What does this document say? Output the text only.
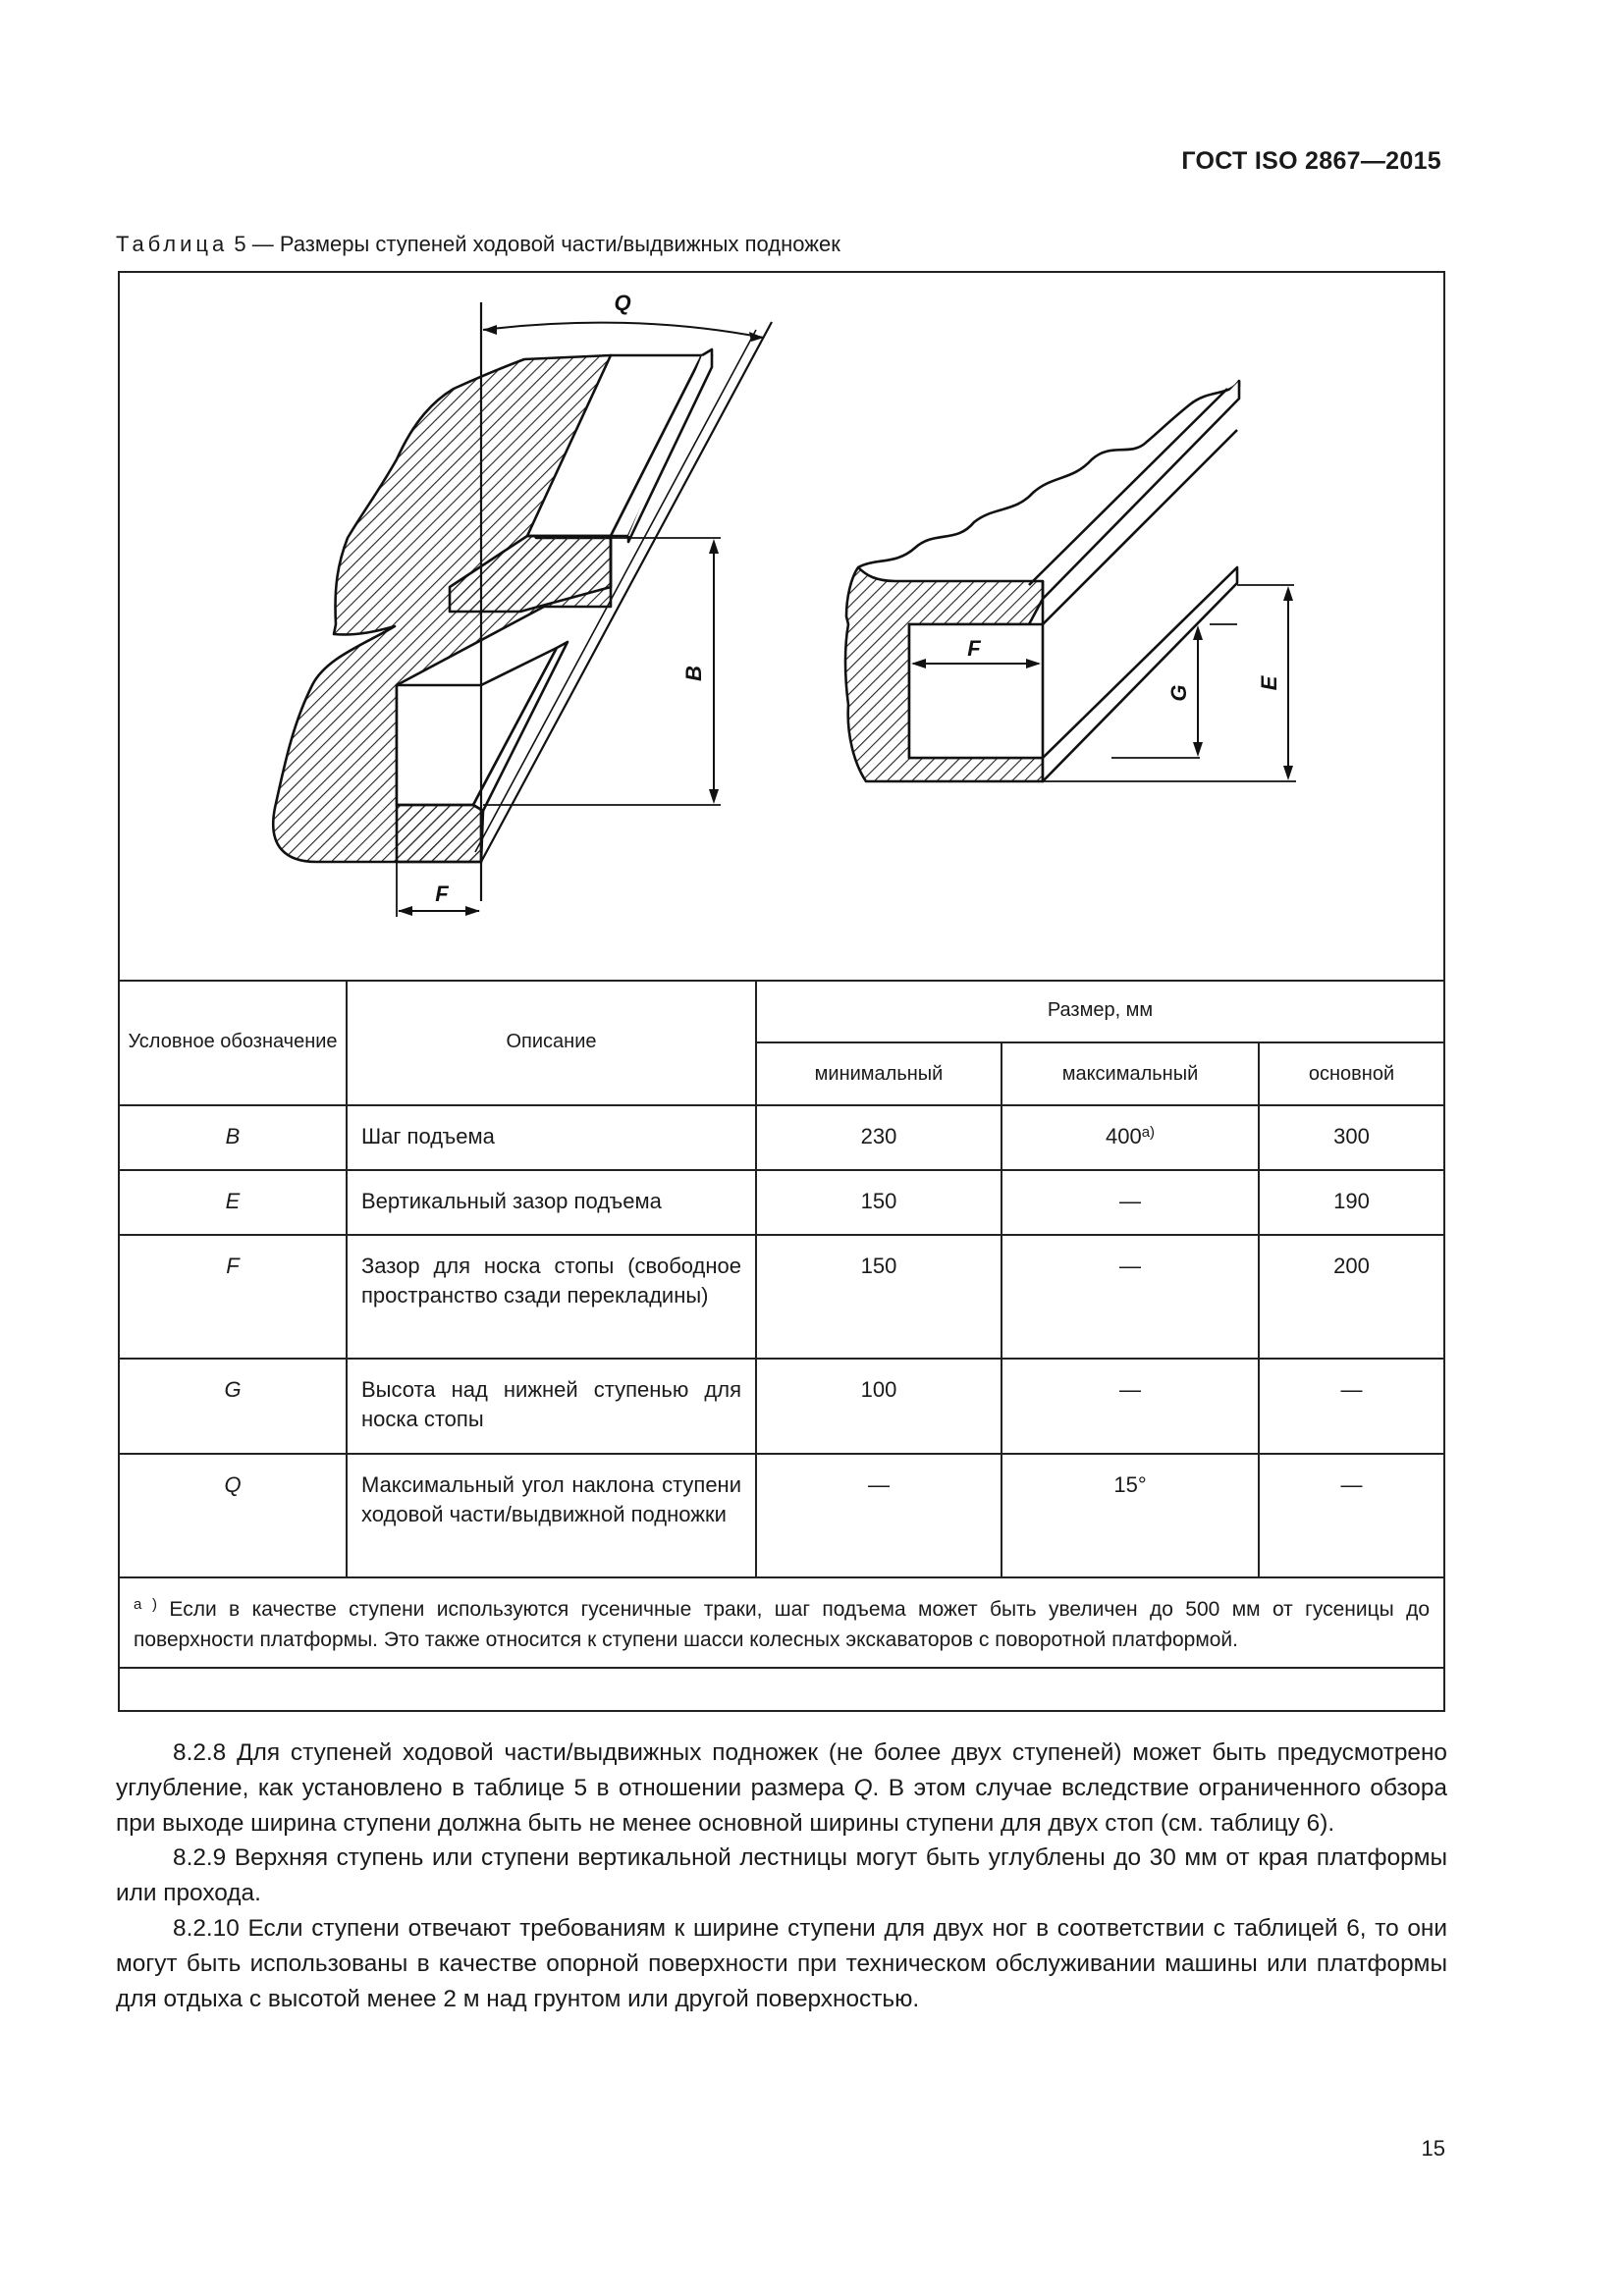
ГОСТ ISO 2867—2015
Таблица 5 — Размеры ступеней ходовой части/выдвижных подножек
Q
B
F
F
G
E
Условное обозначение	Описание	Размер, мм		
		минимальный	максимальный	основной
B	Шаг подъема	230	400$^{a)}$	300
E	Вертикальный зазор подъема	150	—	190
F	Зазор для носка стопы (свободное пространство сзади перекладины)	150	—	200
G	Высота над нижней ступенью для носка стопы	100	—	—
Q	Максимальный угол наклона ступени ходовой части/выдвижной подножки	—	15°	—
$^{a )}$ Если в качестве ступени используются гусеничные траки, шаг подъема может быть увеличен до 500 мм от гусеницы до поверхности платформы. Это также относится к ступени шасси колесных экскаваторов с поворотной платформой.				

8.2.8 Для ступеней ходовой части/выдвижных подножек (не более двух ступеней) может быть предусмотрено углубление, как установлено в таблице 5 в отношении размера Q. В этом случае вследствие ограниченного обзора при выходе ширина ступени должна быть не менее основной ширины ступени для двух стоп (см. таблицу 6).

8.2.9 Верхняя ступень или ступени вертикальной лестницы могут быть углублены до 30 мм от края платформы или прохода.

8.2.10 Если ступени отвечают требованиям к ширине ступени для двух ног в соответствии с таблицей 6, то они могут быть использованы в качестве опорной поверхности при техническом обслуживании машины или платформы для отдыха с высотой менее 2 м над грунтом или другой поверхностью.

15
